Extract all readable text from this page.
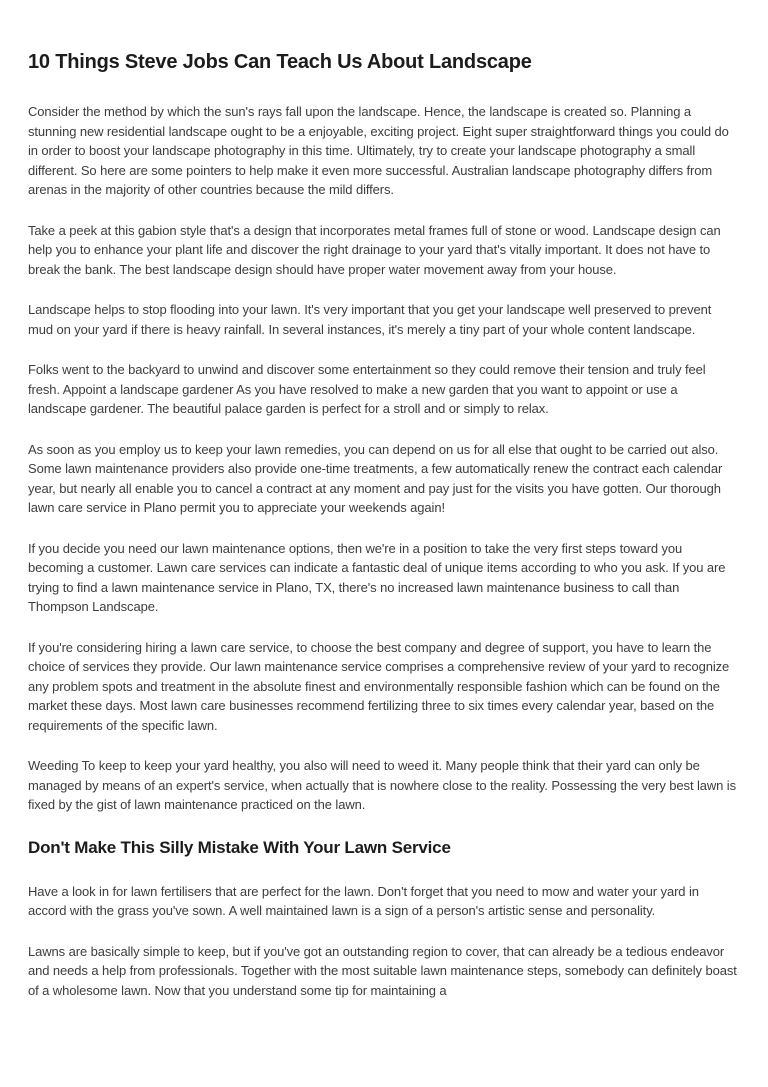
10 Things Steve Jobs Can Teach Us About Landscape

Consider the method by which the sun's rays fall upon the landscape. Hence, the landscape is created so. Planning a stunning new residential landscape ought to be a enjoyable, exciting project. Eight super straightforward things you could do in order to boost your landscape photography in this time. Ultimately, try to create your landscape photography a small different. So here are some pointers to help make it even more successful. Australian landscape photography differs from arenas in the majority of other countries because the mild differs.

Take a peek at this gabion style that's a design that incorporates metal frames full of stone or wood. Landscape design can help you to enhance your plant life and discover the right drainage to your yard that's vitally important. It does not have to break the bank. The best landscape design should have proper water movement away from your house.

Landscape helps to stop flooding into your lawn. It's very important that you get your landscape well preserved to prevent mud on your yard if there is heavy rainfall. In several instances, it's merely a tiny part of your whole content landscape.

Folks went to the backyard to unwind and discover some entertainment so they could remove their tension and truly feel fresh. Appoint a landscape gardener As you have resolved to make a new garden that you want to appoint or use a landscape gardener. The beautiful palace garden is perfect for a stroll and or simply to relax.

As soon as you employ us to keep your lawn remedies, you can depend on us for all else that ought to be carried out also. Some lawn maintenance providers also provide one-time treatments, a few automatically renew the contract each calendar year, but nearly all enable you to cancel a contract at any moment and pay just for the visits you have gotten. Our thorough lawn care service in Plano permit you to appreciate your weekends again!

If you decide you need our lawn maintenance options, then we're in a position to take the very first steps toward you becoming a customer. Lawn care services can indicate a fantastic deal of unique items according to who you ask. If you are trying to find a lawn maintenance service in Plano, TX, there's no increased lawn maintenance business to call than Thompson Landscape.

If you're considering hiring a lawn care service, to choose the best company and degree of support, you have to learn the choice of services they provide. Our lawn maintenance service comprises a comprehensive review of your yard to recognize any problem spots and treatment in the absolute finest and environmentally responsible fashion which can be found on the market these days. Most lawn care businesses recommend fertilizing three to six times every calendar year, based on the requirements of the specific lawn.

Weeding To keep to keep your yard healthy, you also will need to weed it. Many people think that their yard can only be managed by means of an expert's service, when actually that is nowhere close to the reality. Possessing the very best lawn is fixed by the gist of lawn maintenance practiced on the lawn.

Don't Make This Silly Mistake With Your Lawn Service

Have a look in for lawn fertilisers that are perfect for the lawn. Don't forget that you need to mow and water your yard in accord with the grass you've sown. A well maintained lawn is a sign of a person's artistic sense and personality.

Lawns are basically simple to keep, but if you've got an outstanding region to cover, that can already be a tedious endeavor and needs a help from professionals. Together with the most suitable lawn maintenance steps, somebody can definitely boast of a wholesome lawn. Now that you understand some tip for maintaining a
